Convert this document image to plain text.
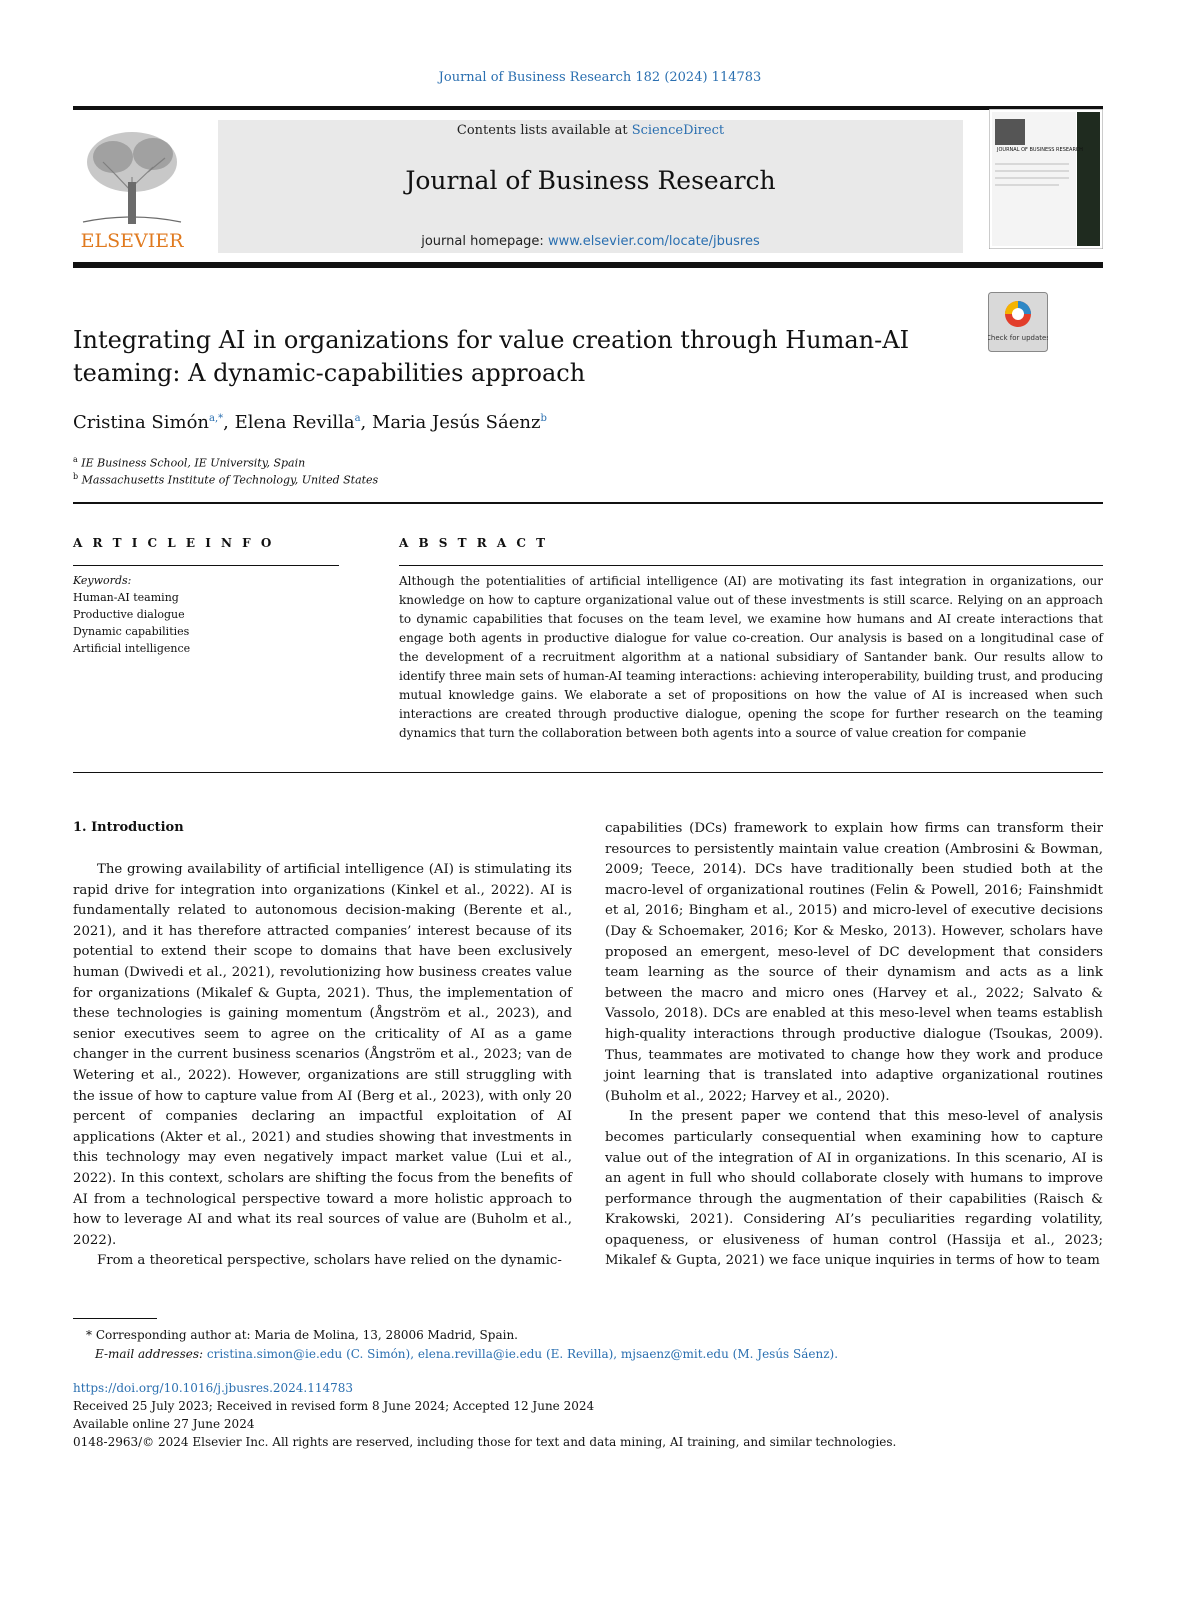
Journal of Business Research 182 (2024) 114783
ELSEVIER
Contents lists available at ScienceDirect
Journal of Business Research
journal homepage: www.elsevier.com/locate/jbusres
JOURNAL OF BUSINESS RESEARCH
Integrating AI in organizations for value creation through Human-AI
teaming: A dynamic-capabilities approach
Check for updates
Cristina Simón$^{a,*}$, Elena Revilla$^a$, Maria Jesús Sáenz$^b$
$^a$ IE Business School, IE University, Spain
$^b$ Massachusetts Institute of Technology, United States
A R T I C L E I N F O	A B S T R A C T
Keywords:
Human-AI teaming
Productive dialogue
Dynamic capabilities
Artificial intelligence
Although the potentialities of artificial intelligence (AI) are motivating its fast integration in organizations, our knowledge on how to capture organizational value out of these investments is still scarce. Relying on an approach to dynamic capabilities that focuses on the team level, we examine how humans and AI create interactions that engage both agents in productive dialogue for value co-creation. Our analysis is based on a longitudinal case of the development of a recruitment algorithm at a national subsidiary of Santander bank. Our results allow to identify three main sets of human-AI teaming interactions: achieving interoperability, building trust, and producing mutual knowledge gains. We elaborate a set of propositions on how the value of AI is increased when such interactions are created through productive dialogue, opening the scope for further research on the teaming dynamics that turn the collaboration between both agents into a source of value creation for companie
1. Introduction

The growing availability of artificial intelligence (AI) is stimulating its rapid drive for integration into organizations (Kinkel et al., 2022). AI is fundamentally related to autonomous decision-making (Berente et al., 2021), and it has therefore attracted companies’ interest because of its potential to extend their scope to domains that have been exclusively human (Dwivedi et al., 2021), revolutionizing how business creates value for organizations (Mikalef & Gupta, 2021). Thus, the implementation of these technologies is gaining momentum (Ångström et al., 2023), and senior executives seem to agree on the criticality of AI as a game changer in the current business scenarios (Ångström et al., 2023; van de Wetering et al., 2022). However, organizations are still struggling with the issue of how to capture value from AI (Berg et al., 2023), with only 20 percent of companies declaring an impactful exploitation of AI applications (Akter et al., 2021) and studies showing that investments in this technology may even negatively impact market value (Lui et al., 2022). In this context, scholars are shifting the focus from the benefits of AI from a technological perspective toward a more holistic approach to how to leverage AI and what its real sources of value are (Buholm et al., 2022).

From a theoretical perspective, scholars have relied on the dynamic-

capabilities (DCs) framework to explain how firms can transform their resources to persistently maintain value creation (Ambrosini & Bowman, 2009; Teece, 2014). DCs have traditionally been studied both at the macro-level of organizational routines (Felin & Powell, 2016; Fainshmidt et al, 2016; Bingham et al., 2015) and micro-level of executive decisions (Day & Schoemaker, 2016; Kor & Mesko, 2013). However, scholars have proposed an emergent, meso-level of DC development that considers team learning as the source of their dynamism and acts as a link between the macro and micro ones (Harvey et al., 2022; Salvato & Vassolo, 2018). DCs are enabled at this meso-level when teams establish high-quality interactions through productive dialogue (Tsoukas, 2009). Thus, teammates are motivated to change how they work and produce joint learning that is translated into adaptive organizational routines (Buholm et al., 2022; Harvey et al., 2020).

In the present paper we contend that this meso-level of analysis becomes particularly consequential when examining how to capture value out of the integration of AI in organizations. In this scenario, AI is an agent in full who should collaborate closely with humans to improve performance through the augmentation of their capabilities (Raisch & Krakowski, 2021). Considering AI’s peculiarities regarding volatility, opaqueness, or elusiveness of human control (Hassija et al., 2023; Mikalef & Gupta, 2021) we face unique inquiries in terms of how to team

* Corresponding author at: Maria de Molina, 13, 28006 Madrid, Spain.
E-mail addresses: cristina.simon@ie.edu (C. Simón), elena.revilla@ie.edu (E. Revilla), mjsaenz@mit.edu (M. Jesús Sáenz).
https://doi.org/10.1016/j.jbusres.2024.114783
Received 25 July 2023; Received in revised form 8 June 2024; Accepted 12 June 2024
Available online 27 June 2024
0148-2963/© 2024 Elsevier Inc. All rights are reserved, including those for text and data mining, AI training, and similar technologies.
